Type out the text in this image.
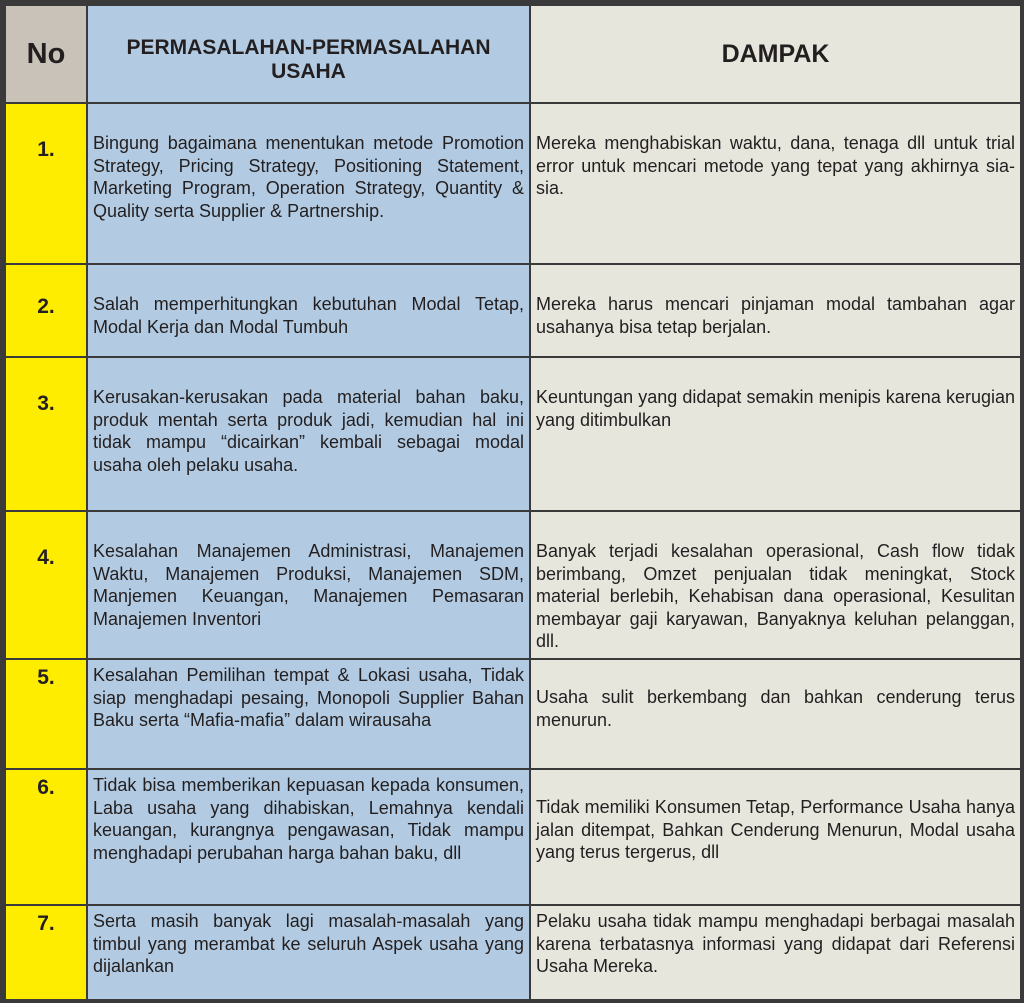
No	PERMASALAHAN-PERMASALAHAN USAHA	DAMPAK
1.	Bingung bagaimana menentukan metode Promotion Strategy, Pricing Strategy, Positioning Statement, Marketing Program, Operation Strategy, Quantity & Quality serta Supplier & Partnership.	Mereka menghabiskan waktu, dana, tenaga dll untuk trial error untuk mencari metode yang tepat yang akhirnya sia-sia.

2.	Salah memperhitungkan kebutuhan Modal Tetap, Modal Kerja dan Modal Tumbuh	Mereka harus mencari pinjaman modal tambahan agar usahanya bisa tetap berjalan.

3.	Kerusakan-kerusakan pada material bahan baku, produk mentah serta produk jadi, kemudian hal ini tidak mampu “dicairkan” kembali sebagai modal usaha oleh pelaku usaha.	Keuntungan yang didapat semakin menipis karena kerugian yang ditimbulkan

4.	Kesalahan Manajemen Administrasi, Manajemen Waktu, Manajemen Produksi, Manajemen SDM, Manjemen Keuangan, Manajemen Pemasaran Manajemen Inventori	Banyak terjadi kesalahan operasional, Cash flow tidak berimbang, Omzet penjualan tidak meningkat, Stock material berlebih, Kehabisan dana operasional, Kesulitan membayar gaji karyawan, Banyaknya keluhan pelanggan, dll.

5.	Kesalahan Pemilihan tempat & Lokasi usaha, Tidak siap menghadapi pesaing, Monopoli Supplier Bahan Baku serta “Mafia-mafia” dalam wirausaha	Usaha sulit berkembang dan bahkan cenderung terus menurun.

6.	Tidak bisa memberikan kepuasan kepada konsumen, Laba usaha yang dihabiskan, Lemahnya kendali keuangan, kurangnya pengawasan, Tidak mampu menghadapi perubahan harga bahan baku, dll	Tidak memiliki Konsumen Tetap, Performance Usaha hanya jalan ditempat, Bahkan Cenderung Menurun, Modal usaha yang terus tergerus, dll

7.	Serta masih banyak lagi masalah-masalah yang timbul yang merambat ke seluruh Aspek usaha yang dijalankan	Pelaku usaha tidak mampu menghadapi berbagai masalah karena terbatasnya informasi yang didapat dari Referensi Usaha Mereka.
